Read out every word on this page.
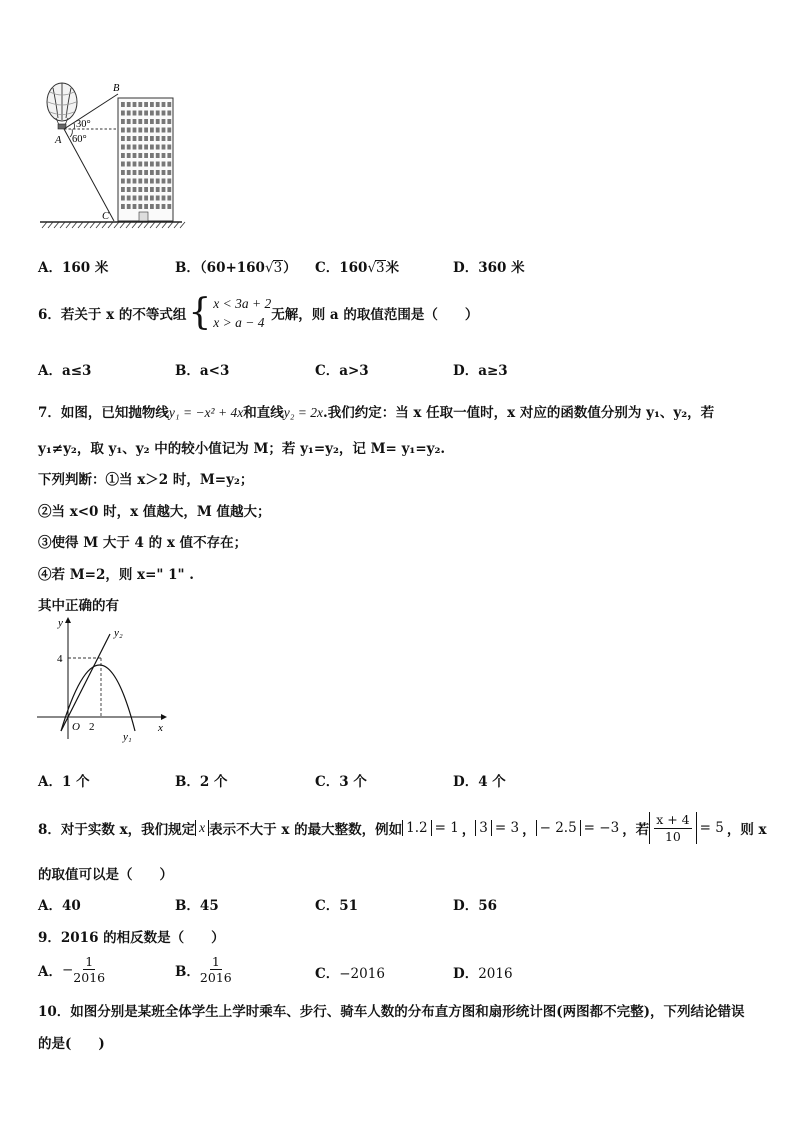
30°
60°
A
B
C
A．160 米	B．（60+160√3） C．160√3米	D．360 米
6．若关于 x 的不等式组 { x < 3a + 2
x > a − 4 无解，则 a 的取值范围是（　　）
A．a≤3	B．a<3	C．a>3	D．a≥3
7．如图，已知抛物线y₁ = −x² + 4x和直线y₂ = 2x.我们约定：当 x 任取一值时，x 对应的函数值分别为 y₁、y₂，若
y₁≠y₂，取 y₁、y₂ 中的较小值记为 M；若 y₁=y₂，记 M= y₁=y₂.
下列判断：①当 x＞2 时，M=y₂；
②当 x<0 时，x 值越大，M 值越大；
③使得 M 大于 4 的 x 值不存在；
④若 M=2，则 x=" 1" .
其中正确的有
y
x
O
4
2
y₁
y₂
A．1 个	B．2 个	C．3 个	D．4 个
8．对于实数 x，我们规定 x 表示不大于 x 的最大整数，例如 1.2 = 1 ， 3 = 3 ， − 2.5 = −3 ，若 $\frac{x + 4}{10} = 5$ ，则 x
的取值可以是（　　）
A．40	B．45	C．51	D．56
9．2016 的相反数是（　　）
A． − $\frac{1}{2016}$	B． $\frac{1}{2016}$	C．−2016	D．2016
10．如图分别是某班全体学生上学时乘车、步行、骑车人数的分布直方图和扇形统计图(两图都不完整)，下列结论错误
的是(　　)
